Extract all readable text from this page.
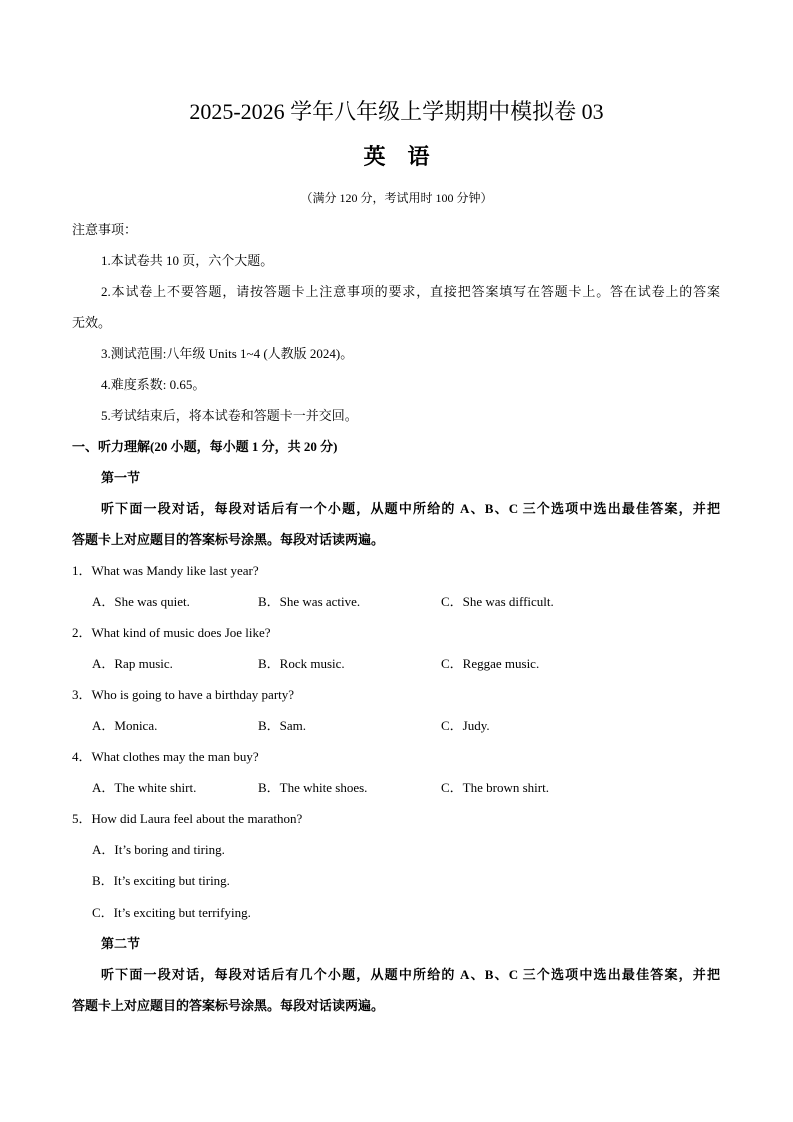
2025-2026 学年八年级上学期期中模拟卷 03
英语
（满分 120 分，考试用时 100 分钟）
注意事项：
1.本试卷共 10 页，六个大题。
2.本试卷上不要答题，请按答题卡上注意事项的要求，直接把答案填写在答题卡上。答在试卷上的答案
无效。
3.测试范围:八年级 Units 1~4 (人教版 2024)。
4.难度系数: 0.65。
5.考试结束后，将本试卷和答题卡一并交回。
一、听力理解(20 小题，每小题 1 分，共 20 分)
第一节
听下面一段对话，每段对话后有一个小题，从题中所给的 A、B、C 三个选项中选出最佳答案，并把
答题卡上对应题目的答案标号涂黑。每段对话读两遍。
1．What was Mandy like last year?
A．She was quiet.	B．She was active.	C．She was difficult.
2．What kind of music does Joe like?
A．Rap music.	B．Rock music.	C．Reggae music.
3．Who is going to have a birthday party?
A．Monica.	B．Sam.	C．Judy.
4．What clothes may the man buy?
A．The white shirt.	B．The white shoes.	C．The brown shirt.
5．How did Laura feel about the marathon?
A．It’s boring and tiring.
B．It’s exciting but tiring.
C．It’s exciting but terrifying.
第二节
听下面一段对话，每段对话后有几个小题，从题中所给的 A、B、C 三个选项中选出最佳答案，并把
答题卡上对应题目的答案标号涂黑。每段对话读两遍。
